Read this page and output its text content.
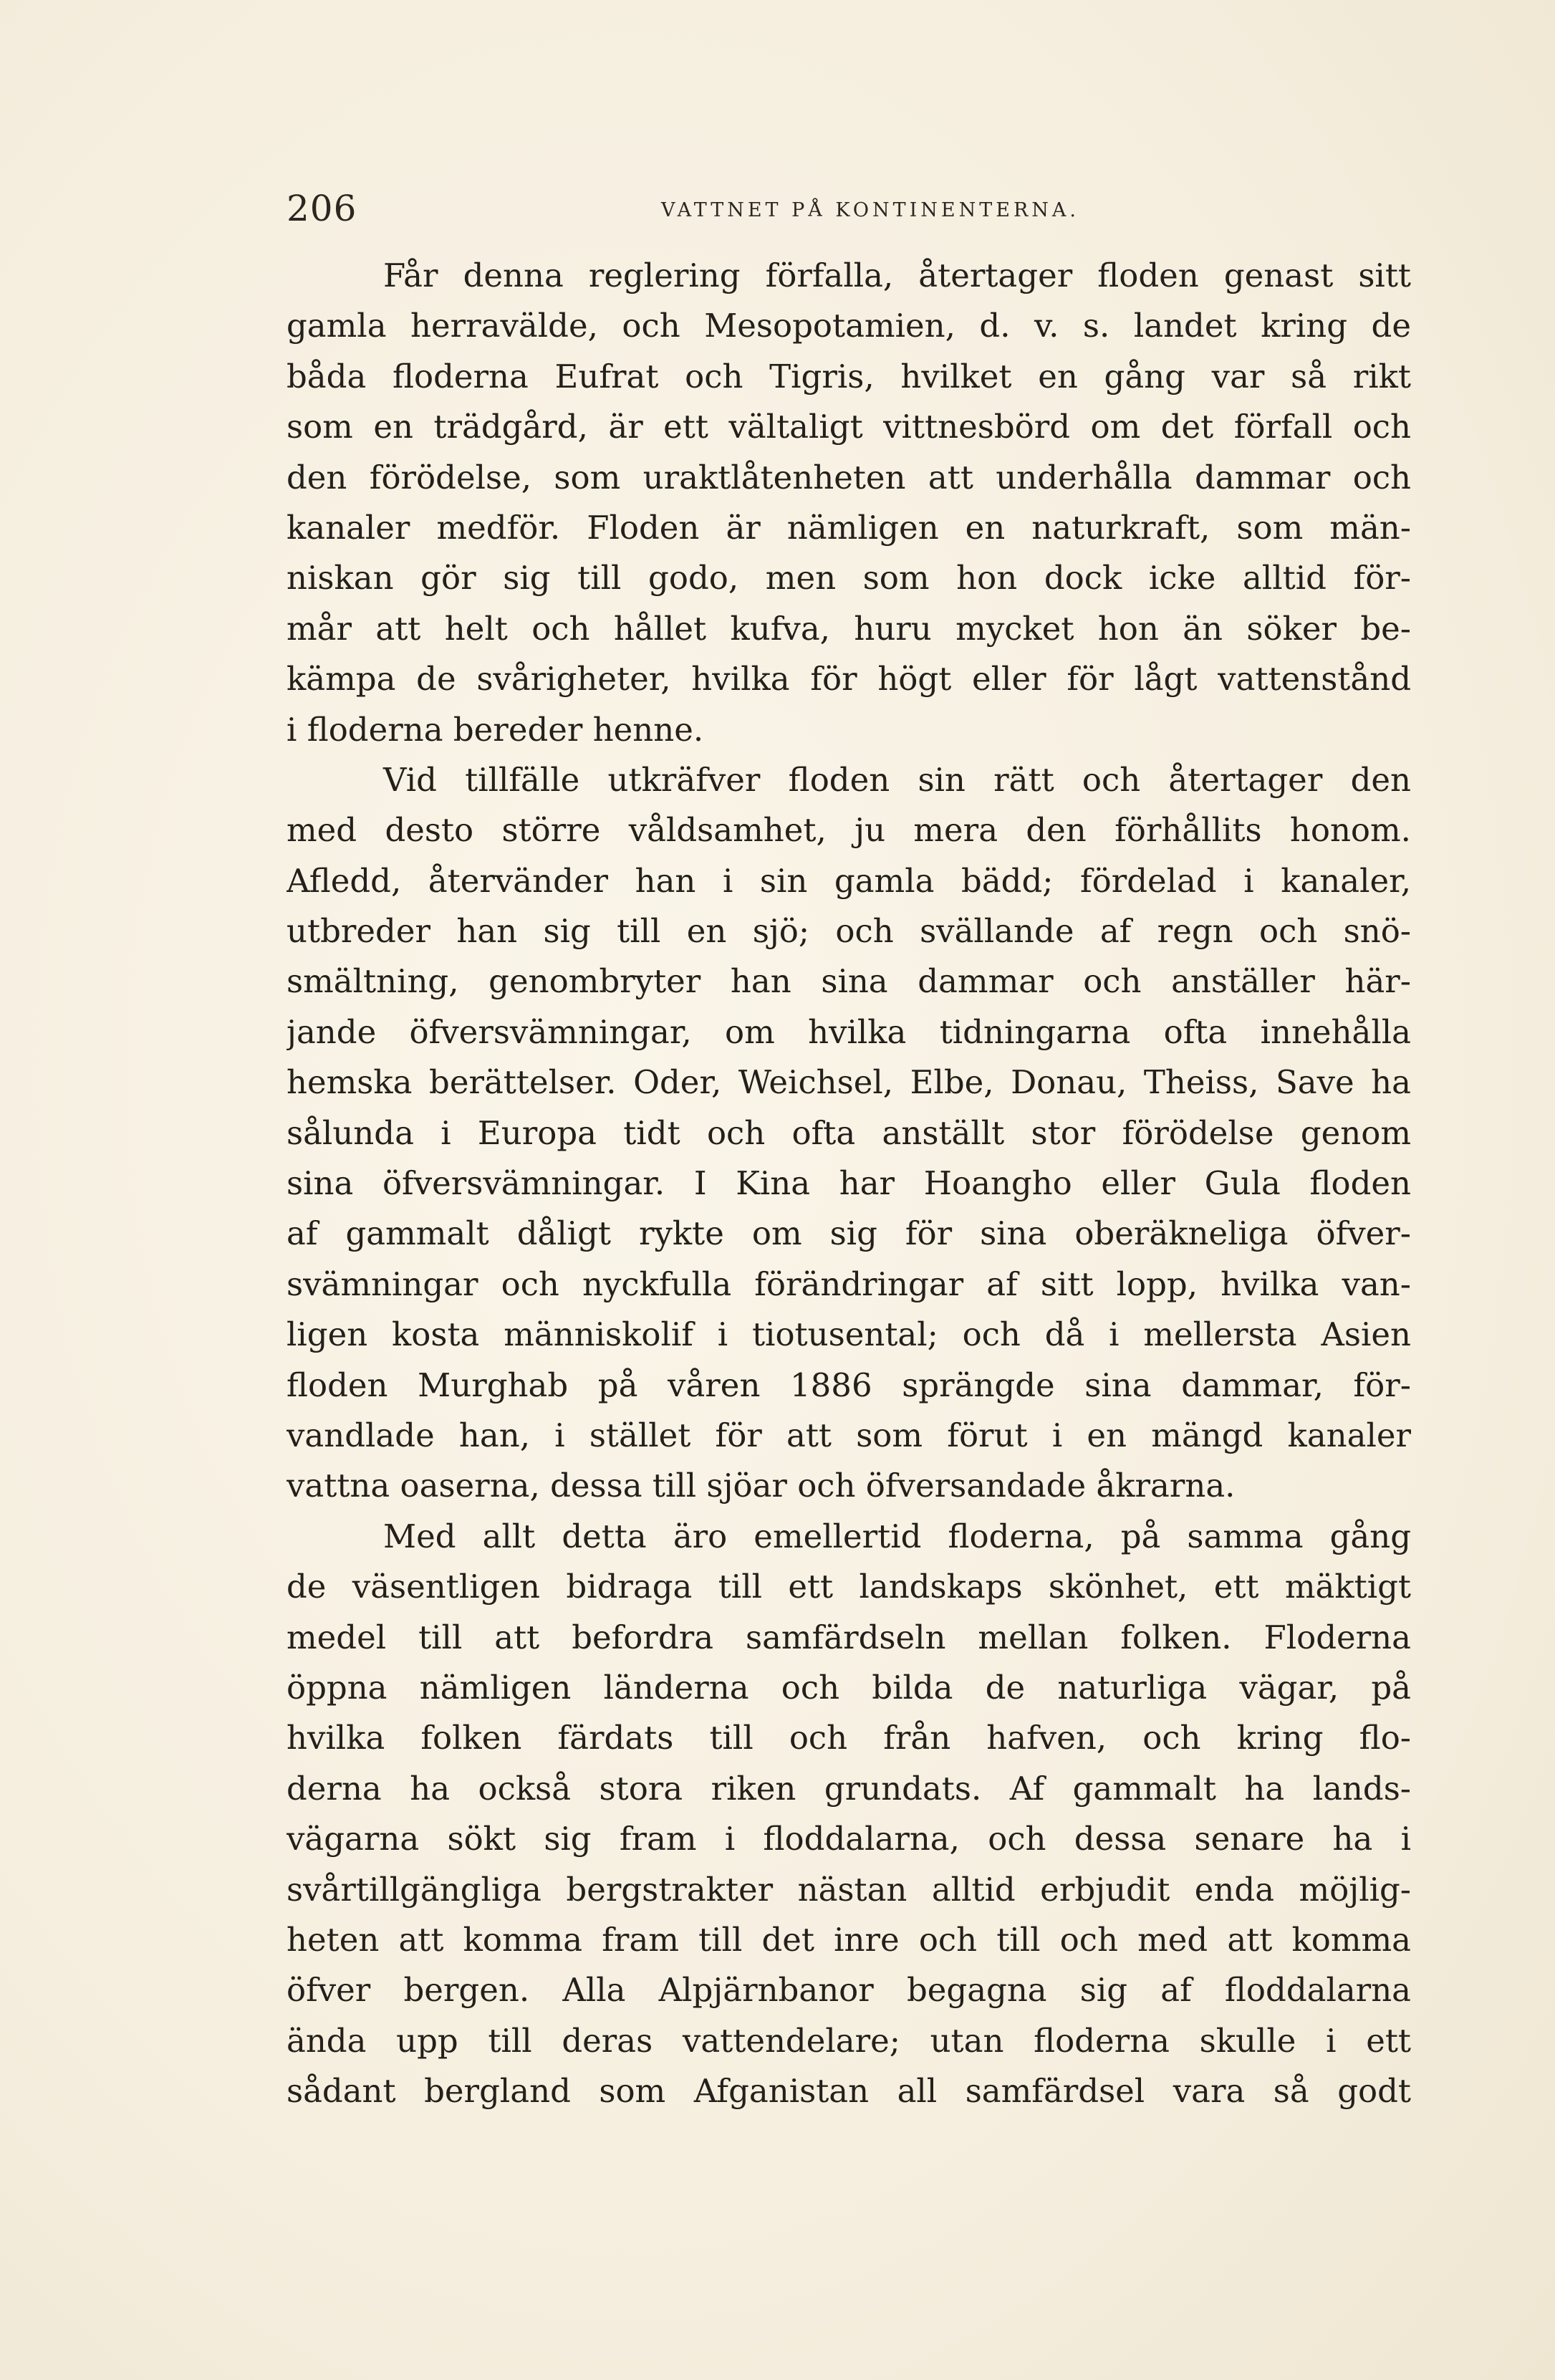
206	VATTNET PÅ KONTINENTERNA.

Får denna reglering förfalla, återtager floden genast sitt
gamla herravälde, och Mesopotamien, d. v. s. landet kring de
båda floderna Eufrat och Tigris, hvilket en gång var så rikt
som en trädgård, är ett vältaligt vittnesbörd om det förfall och
den förödelse, som uraktlåtenheten att underhålla dammar och
kanaler medför. Floden är nämligen en naturkraft, som män-
niskan gör sig till godo, men som hon dock icke alltid för-
mår att helt och hållet kufva, huru mycket hon än söker be-
kämpa de svårigheter, hvilka för högt eller för lågt vattenstånd
i floderna bereder henne.

Vid tillfälle utkräfver floden sin rätt och återtager den
med desto större våldsamhet, ju mera den förhållits honom.
Afledd, återvänder han i sin gamla bädd; fördelad i kanaler,
utbreder han sig till en sjö; och svällande af regn och snö-
smältning, genombryter han sina dammar och anställer här-
jande öfversvämningar, om hvilka tidningarna ofta innehålla
hemska berättelser. Oder, Weichsel, Elbe, Donau, Theiss, Save ha
sålunda i Europa tidt och ofta anställt stor förödelse genom
sina öfversvämningar. I Kina har Hoangho eller Gula floden
af gammalt dåligt rykte om sig för sina oberäkneliga öfver-
svämningar och nyckfulla förändringar af sitt lopp, hvilka van-
ligen kosta människolif i tiotusental; och då i mellersta Asien
floden Murghab på våren 1886 sprängde sina dammar, för-
vandlade han, i stället för att som förut i en mängd kanaler
vattna oaserna, dessa till sjöar och öfversandade åkrarna.

Med allt detta äro emellertid floderna, på samma gång
de väsentligen bidraga till ett landskaps skönhet, ett mäktigt
medel till att befordra samfärdseln mellan folken. Floderna
öppna nämligen länderna och bilda de naturliga vägar, på
hvilka folken färdats till och från hafven, och kring flo-
derna ha också stora riken grundats. Af gammalt ha lands-
vägarna sökt sig fram i floddalarna, och dessa senare ha i
svårtillgängliga bergstrakter nästan alltid erbjudit enda möjlig-
heten att komma fram till det inre och till och med att komma
öfver bergen. Alla Alpjärnbanor begagna sig af floddalarna
ända upp till deras vattendelare; utan floderna skulle i ett
sådant bergland som Afganistan all samfärdsel vara så godt
